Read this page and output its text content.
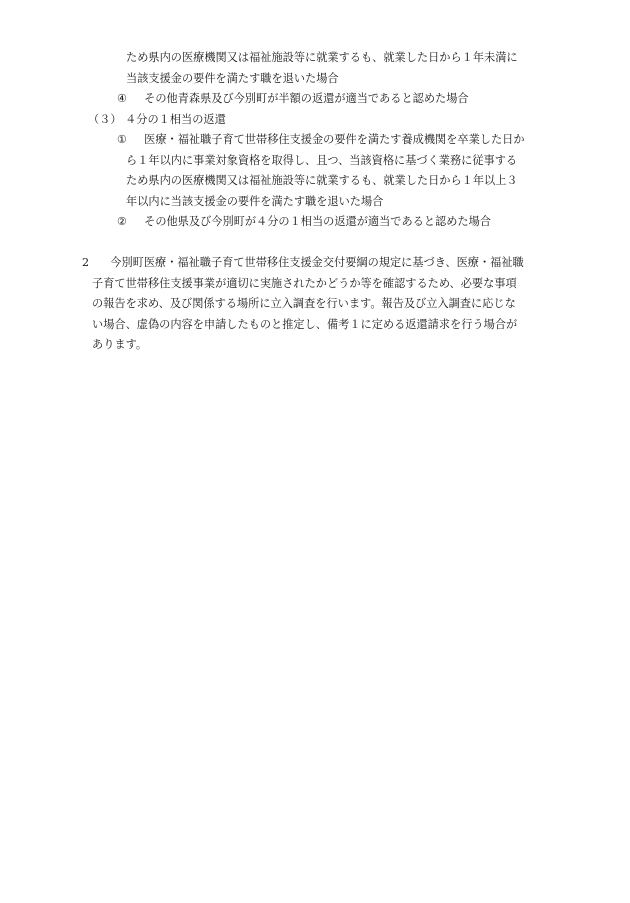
ため県内の医療機関又は福祉施設等に就業するも、就業した日から１年未満に
当該支援金の要件を満たす職を退いた場合
④ その他青森県及び今別町が半額の返還が適当であると認めた場合
（３） ４分の１相当の返還
① 医療・福祉職子育て世帯移住支援金の要件を満たす養成機関を卒業した日か
ら１年以内に事業対象資格を取得し、且つ、当該資格に基づく業務に従事する
ため県内の医療機関又は福祉施設等に就業するも、就業した日から１年以上３
年以内に当該支援金の要件を満たす職を退いた場合
② その他県及び今別町が４分の１相当の返還が適当であると認めた場合
2 今別町医療・福祉職子育て世帯移住支援金交付要綱の規定に基づき、医療・福祉職
子育て世帯移住支援事業が適切に実施されたかどうか等を確認するため、必要な事項
の報告を求め、及び関係する場所に立入調査を行います。報告及び立入調査に応じな
い場合、虚偽の内容を申請したものと推定し、備考１に定める返還請求を行う場合が
あります。
